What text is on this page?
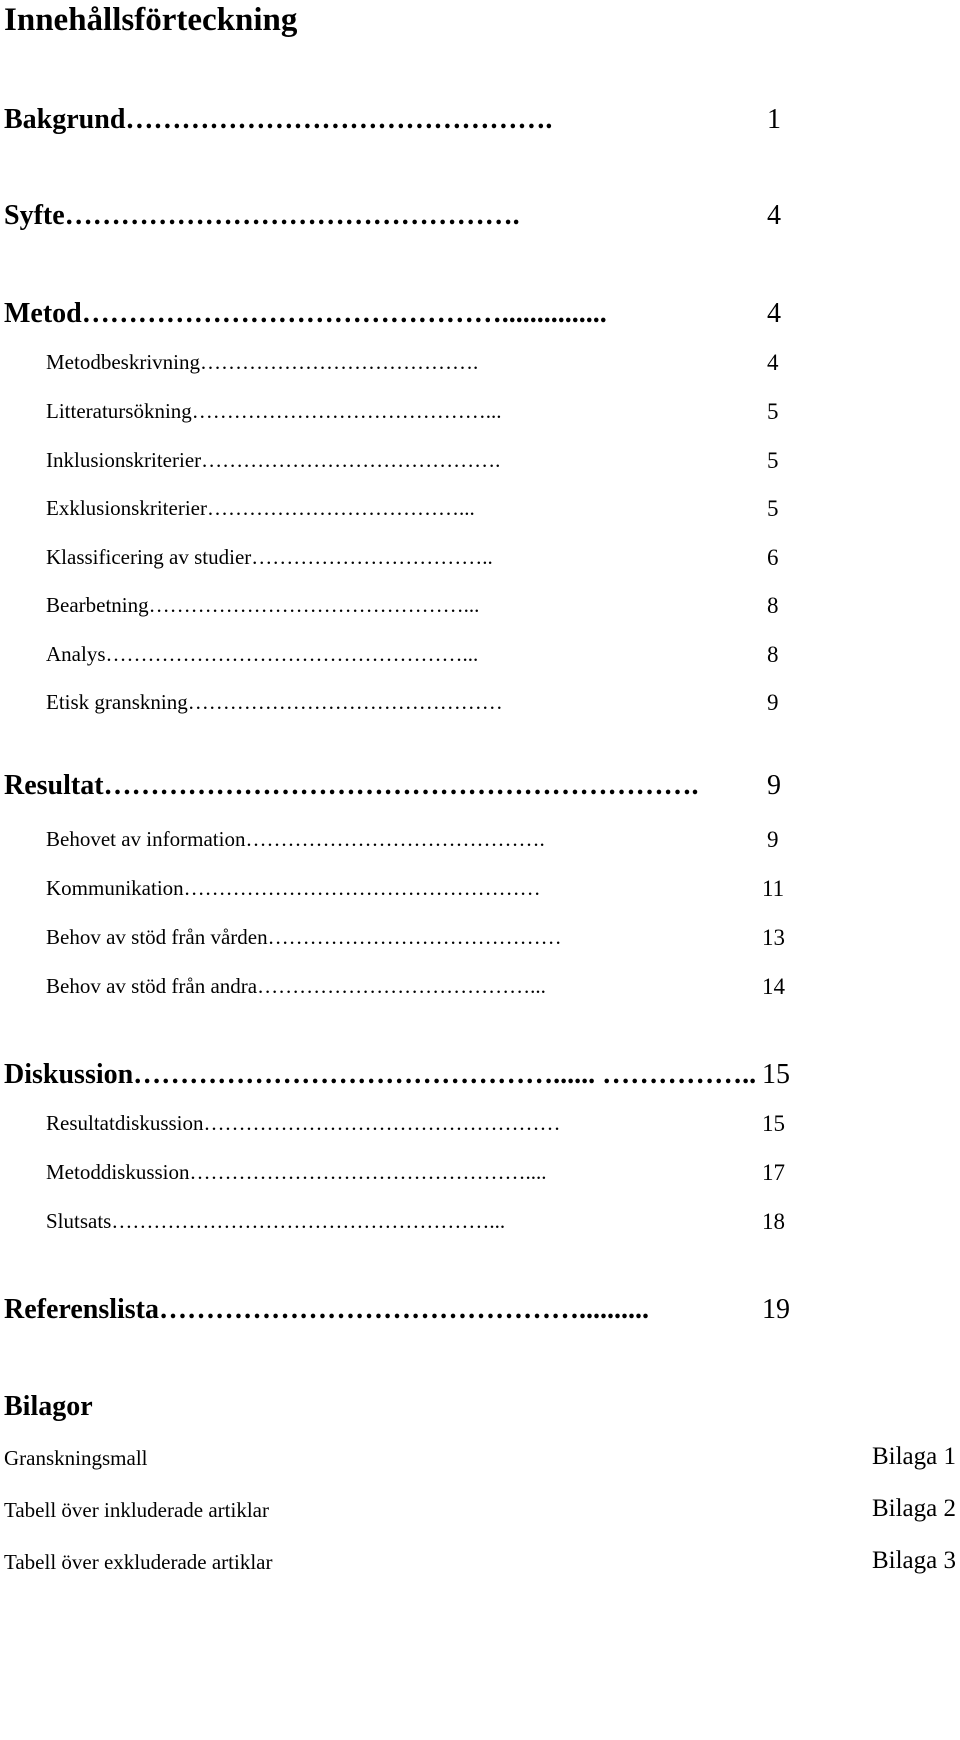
Innehållsförteckning
Bakgrund……………………………………….	1
Syfte………………………………………….	4
Metod………………………………………...............	4
Metodbeskrivning………………………………….	4
Litteratursökning……………………………………...	5
Inklusionskriterier…………………………………….	5
Exklusionskriterier………………………………...	5
Klassificering av studier……………………………..	6
Bearbetning………………………………………...	8
Analys……………………………………………...	8
Etisk granskning………………………………………	9
Resultat………………………………………………………. 9
Behovet av information…………………………………….	9
Kommunikation……………………………………………	11
Behov av stöd från vården……………………………………	13
Behov av stöd från andra…………………………………...	14
Diskussion………………………………………...... …………….. 15
Resultatdiskussion……………………………………………	15
Metoddiskussion…………………………………………....	17
Slutsats………………………………………………...	18
Referenslista………………………………………..........	19
Bilagor
Granskningsmall	Bilaga 1
Tabell över inkluderade artiklar	Bilaga 2
Tabell över exkluderade artiklar	Bilaga 3
